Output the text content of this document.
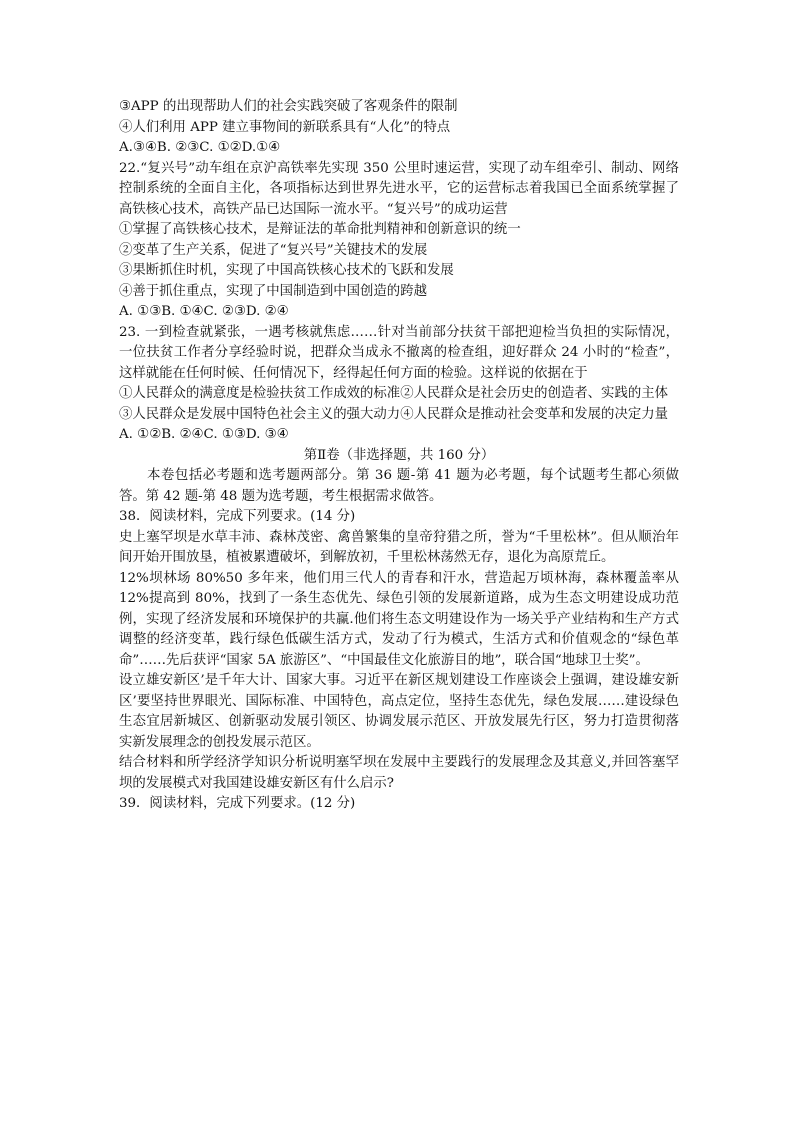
③APP 的出现帮助人们的社会实践突破了客观条件的限制
④人们利用 APP 建立事物间的新联系具有“人化”的特点
A.③④B. ②③C. ①②D.①④
22.“复兴号”动车组在京沪高铁率先实现 350 公里时速运营，实现了动车组牵引、制动、网络控制系统的全面自主化，各项指标达到世界先进水平，它的运营标志着我国已全面系统掌握了高铁核心技术，高铁产品已达国际一流水平。“复兴号”的成功运营
①掌握了高铁核心技术，是辩证法的革命批判精神和创新意识的统一
②变革了生产关系，促进了“复兴号”关键技术的发展
③果断抓住时机，实现了中国高铁核心技术的飞跃和发展
④善于抓住重点，实现了中国制造到中国创造的跨越
A. ①③B. ①④C. ②③D. ②④
23. 一到检查就紧张，一遇考核就焦虑……针对当前部分扶贫干部把迎检当负担的实际情况，一位扶贫工作者分享经验时说，把群众当成永不撤离的检查组，迎好群众 24 小时的“检查”，这样就能在任何时候、任何情况下，经得起任何方面的检验。这样说的依据在于
①人民群众的满意度是检验扶贫工作成效的标准②人民群众是社会历史的创造者、实践的主体
③人民群众是发展中国特色社会主义的强大动力④人民群众是推动社会变革和发展的决定力量
A. ①②B. ②④C. ①③D. ③④
第Ⅱ卷（非选择题，共 160 分）
本卷包括必考题和选考题两部分。第 36 题-第 41 题为必考题，每个试题考生都心须做答。第 42 题-第 48 题为选考题，考生根据需求做答。
38．阅读材料，完成下列要求。(14 分)
史上塞罕坝是水草丰沛、森林茂密、禽兽繁集的皇帝狩猎之所，誉为“千里松林”。但从顺治年间开始开围放垦，植被累遭破坏，到解放初，千里松林荡然无存，退化为高原荒丘。
12%坝林场 80%50 多年来，他们用三代人的青春和汗水，营造起万顷林海，森林覆盖率从 12%提高到 80%，找到了一条生态优先、绿色引领的发展新道路，成为生态文明建设成功范例，实现了经济发展和环境保护的共赢.他们将生态文明建设作为一场关乎产业结构和生产方式调整的经济变革，践行绿色低碳生活方式，发动了行为模式，生活方式和价值观念的“绿色革命”……先后获评“国家 5A 旅游区”、“中国最佳文化旅游目的地”，联合国“地球卫士奖”。
设立雄安新区’是千年大计、国家大事。习近平在新区规划建设工作座谈会上强调，建设雄安新区’要坚持世界眼光、国际标准、中国特色，高点定位，坚持生态优先，绿色发展……建设绿色生态宜居新城区、创新驱动发展引领区、协调发展示范区、开放发展先行区，努力打造贯彻落实新发展理念的创投发展示范区。
结合材料和所学经济学知识分析说明塞罕坝在发展中主要践行的发展理念及其意义,并回答塞罕坝的发展模式对我国建设雄安新区有什么启示?
39．阅读材料，完成下列要求。(12 分)
